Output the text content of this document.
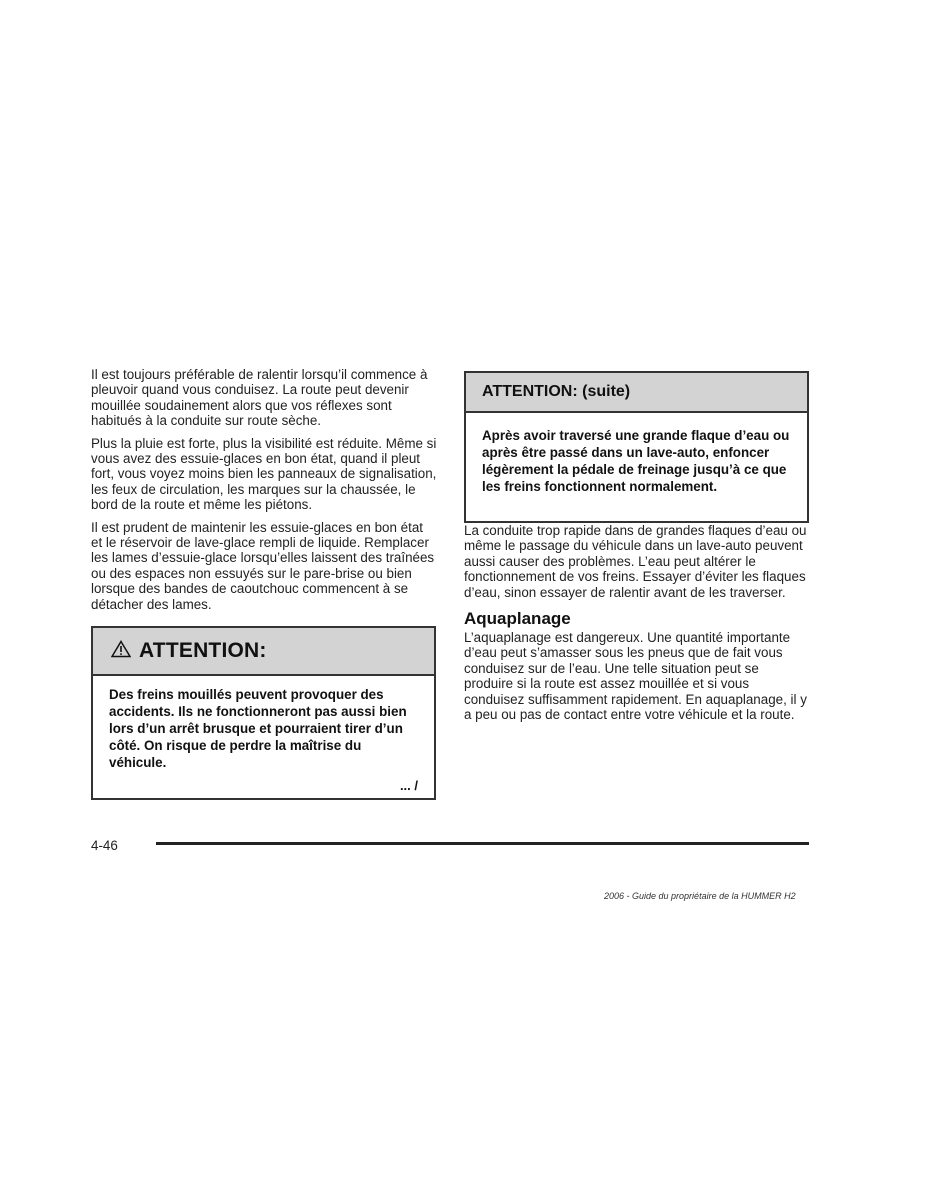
Il est toujours préférable de ralentir lorsqu’il commence à pleuvoir quand vous conduisez. La route peut devenir mouillée soudainement alors que vos réflexes sont habitués à la conduite sur route sèche.

Plus la pluie est forte, plus la visibilité est réduite. Même si vous avez des essuie-glaces en bon état, quand il pleut fort, vous voyez moins bien les panneaux de signalisation, les feux de circulation, les marques sur la chaussée, le bord de la route et même les piétons.

Il est prudent de maintenir les essuie-glaces en bon état et le réservoir de lave-glace rempli de liquide. Remplacer les lames d’essuie-glace lorsqu’elles laissent des traînées ou des espaces non essuyés sur le pare-brise ou bien lorsque des bandes de caoutchouc commencent à se détacher des lames.

ATTENTION:
Des freins mouillés peuvent provoquer des accidents. Ils ne fonctionneront pas aussi bien lors d’un arrêt brusque et pourraient tirer d’un côté. On risque de perdre la maîtrise du véhicule.
... /
ATTENTION: (suite)
Après avoir traversé une grande flaque d’eau ou après être passé dans un lave-auto, enfoncer légèrement la pédale de freinage jusqu’à ce que les freins fonctionnent normalement.

La conduite trop rapide dans de grandes flaques d’eau ou même le passage du véhicule dans un lave-auto peuvent aussi causer des problèmes. L’eau peut altérer le fonctionnement de vos freins. Essayer d’éviter les flaques d’eau, sinon essayer de ralentir avant de les traverser.

Aquaplanage

L’aquaplanage est dangereux. Une quantité importante d’eau peut s’amasser sous les pneus que de fait vous conduisez sur de l’eau. Une telle situation peut se produire si la route est assez mouillée et si vous conduisez suffisamment rapidement. En aquaplanage, il y a peu ou pas de contact entre votre véhicule et la route.

4-46
2006 - Guide du propriétaire de la HUMMER H2
